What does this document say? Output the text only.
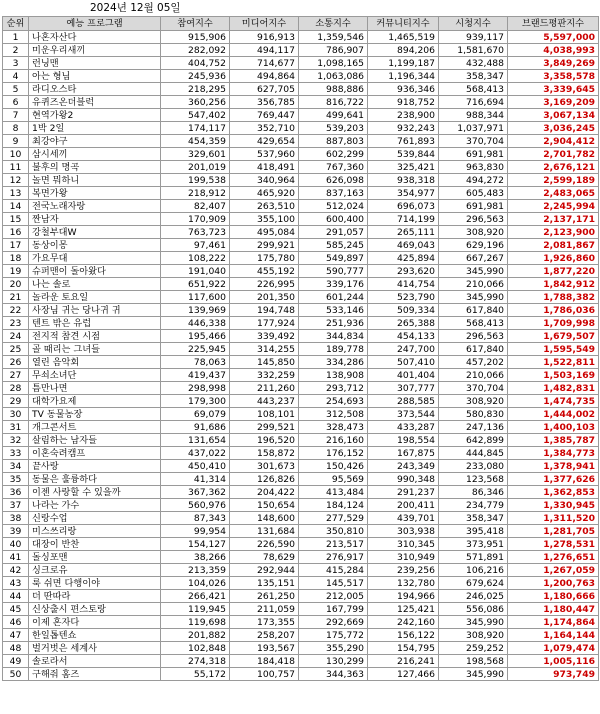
2024년 12월 05일
순위	예능 프로그램	참여지수	미디어지수	소통지수	커뮤니티지수	시청지수	브랜드평판지수
1	나혼자산다	915,906	916,913	1,359,546	1,465,519	939,117	5,597,000
2	미운우리새끼	282,092	494,117	786,907	894,206	1,581,670	4,038,993
3	런닝맨	404,752	714,677	1,098,165	1,199,187	432,488	3,849,269
4	아는 형님	245,936	494,864	1,063,086	1,196,344	358,347	3,358,578
5	라디오스타	218,295	627,705	988,886	936,346	568,413	3,339,645
6	유퀴즈온더블럭	360,256	356,785	816,722	918,752	716,694	3,169,209
7	현역가왕2	547,402	769,447	499,641	238,900	988,344	3,067,134
8	1박 2일	174,117	352,710	539,203	932,243	1,037,971	3,036,245
9	최강야구	454,359	429,654	887,803	761,893	370,704	2,904,412
10	삼시세끼	329,601	537,960	602,299	539,844	691,981	2,701,782
11	불후의 명곡	201,019	418,491	767,360	325,421	963,830	2,676,121
12	놀면 뭐하니	199,538	340,964	626,098	938,318	494,272	2,599,189
13	복면가왕	218,912	465,920	837,163	354,977	605,483	2,483,065
14	전국노래자랑	82,407	263,510	512,024	696,073	691,981	2,245,994
15	짠남자	170,909	355,100	600,400	714,199	296,563	2,137,171
16	강철부대W	763,723	495,084	291,057	265,111	308,920	2,123,900
17	동상이몽	97,461	299,921	585,245	469,043	629,196	2,081,867
18	가요무대	108,222	175,780	549,897	425,894	667,267	1,926,860
19	슈퍼맨이 돌아왔다	191,040	455,192	590,777	293,620	345,990	1,877,220
20	나는 솔로	651,922	226,995	339,176	414,754	210,066	1,842,912
21	놀라운 토요일	117,600	201,350	601,244	523,790	345,990	1,788,382
22	사장님 귀는 당나귀 귀	139,969	194,748	533,146	509,334	617,840	1,786,036
23	텐트 밖은 유럽	446,338	177,924	251,936	265,388	568,413	1,709,998
24	전지적 참견 시점	195,466	339,492	344,834	454,133	296,563	1,679,507
25	골 때리는 그녀들	225,945	314,255	189,778	247,700	617,840	1,595,549
26	열린 음악회	78,063	145,850	334,286	507,410	457,202	1,522,811
27	무쇠소녀단	419,437	332,259	138,908	401,404	210,066	1,503,169
28	틈만나면	298,998	211,260	293,712	307,777	370,704	1,482,831
29	대학가요제	179,300	443,237	254,693	288,585	308,920	1,474,735
30	TV 동물농장	69,079	108,101	312,508	373,544	580,830	1,444,002
31	개그콘서트	91,686	299,521	328,473	433,287	247,136	1,400,103
32	살림하는 남자들	131,654	196,520	216,160	198,554	642,899	1,385,787
33	이혼숙려캠프	437,022	158,872	176,152	167,875	444,845	1,384,773
34	끝사랑	450,410	301,673	150,426	243,349	233,080	1,378,941
35	동물은 훌륭하다	41,314	126,826	95,569	990,348	123,568	1,377,626
36	이젠 사랑할 수 있을까	367,362	204,422	413,484	291,237	86,346	1,362,853
37	나라는 가수	560,976	150,654	184,124	200,411	234,779	1,330,945
38	신랑수업	87,343	148,600	277,529	439,701	358,347	1,311,520
39	미스쓰리랑	99,954	131,684	350,810	303,938	395,418	1,281,705
40	대장이 반찬	154,127	226,590	213,517	310,345	373,951	1,278,531
41	돌싱포맨	38,266	78,629	276,917	310,949	571,891	1,276,651
42	싱크로유	213,359	292,944	415,284	239,256	106,216	1,267,059
43	룩 쉬면 다행이야	104,026	135,151	145,517	132,780	679,624	1,200,763
44	더 딴따라	266,421	261,250	212,005	194,966	246,025	1,180,666
45	신상출시 편스토랑	119,945	211,059	167,799	125,421	556,086	1,180,447
46	이제 혼자다	119,698	173,355	292,669	242,160	345,990	1,174,864
47	한일톱텐쇼	201,882	258,207	175,772	156,122	308,920	1,164,144
48	벌거벗은 세계사	102,848	193,567	355,290	154,795	259,252	1,079,474
49	솔로라서	274,318	184,418	130,299	216,241	198,568	1,005,116
50	구해줘 홈즈	55,172	100,757	344,363	127,466	345,990	973,749
